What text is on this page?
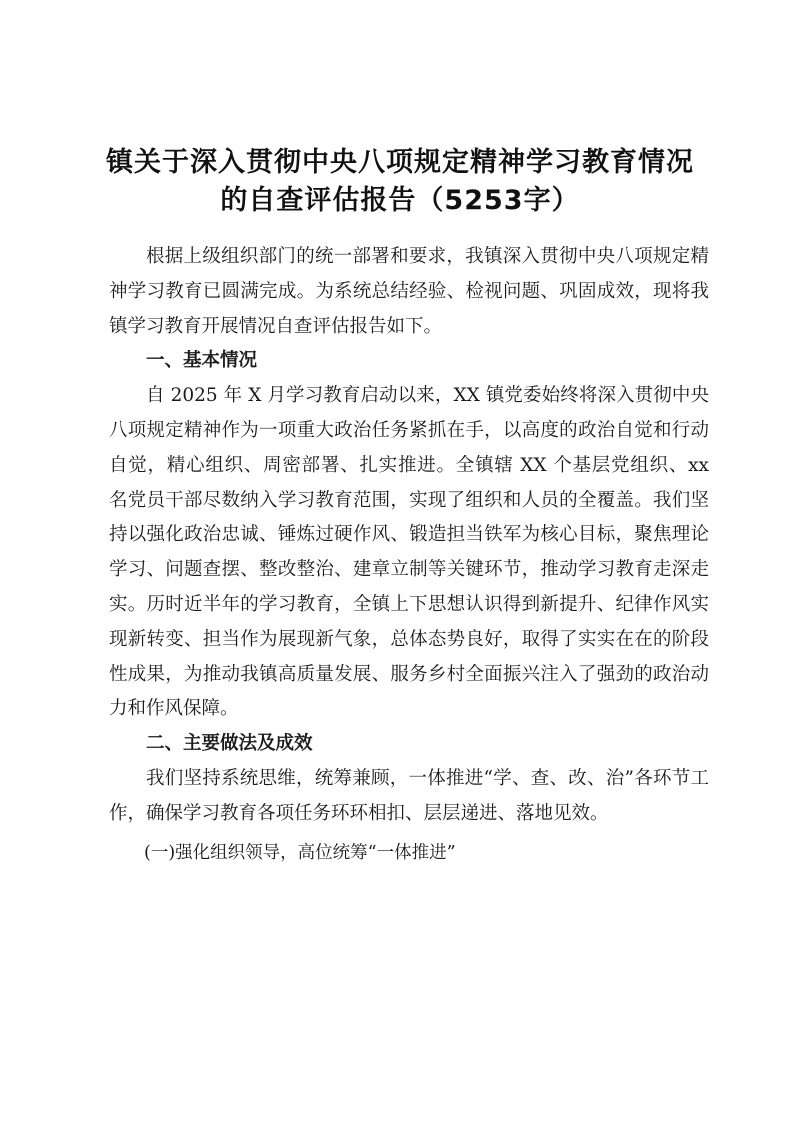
镇关于深入贯彻中央八项规定精神学习教育情况的自查评估报告（5253字）

根据上级组织部门的统一部署和要求，我镇深入贯彻中央八项规定精神学习教育已圆满完成。为系统总结经验、检视问题、巩固成效，现将我镇学习教育开展情况自查评估报告如下。

一、基本情况

自 2025 年 X 月学习教育启动以来，XX 镇党委始终将深入贯彻中央八项规定精神作为一项重大政治任务紧抓在手，以高度的政治自觉和行动自觉，精心组织、周密部署、扎实推进。全镇辖 XX 个基层党组织、xx 名党员干部尽数纳入学习教育范围，实现了组织和人员的全覆盖。我们坚持以强化政治忠诚、锤炼过硬作风、锻造担当铁军为核心目标，聚焦理论学习、问题查摆、整改整治、建章立制等关键环节，推动学习教育走深走实。历时近半年的学习教育，全镇上下思想认识得到新提升、纪律作风实现新转变、担当作为展现新气象，总体态势良好，取得了实实在在的阶段性成果，为推动我镇高质量发展、服务乡村全面振兴注入了强劲的政治动力和作风保障。

二、主要做法及成效

我们坚持系统思维，统筹兼顾，一体推进“学、查、改、治”各环节工作，确保学习教育各项任务环环相扣、层层递进、落地见效。

(一)强化组织领导，高位统筹“一体推进”
